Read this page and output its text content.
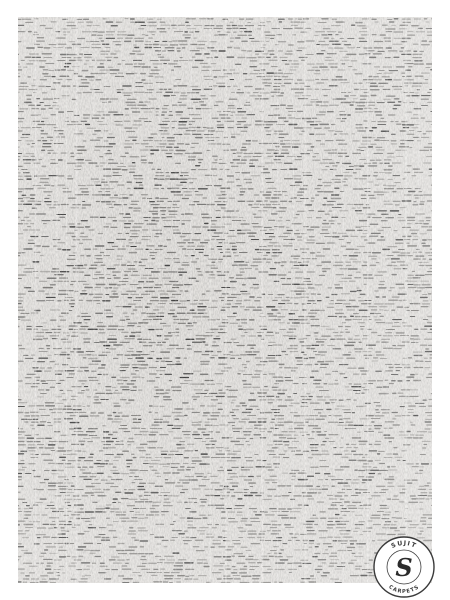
SUJIT
CARPETS
S
